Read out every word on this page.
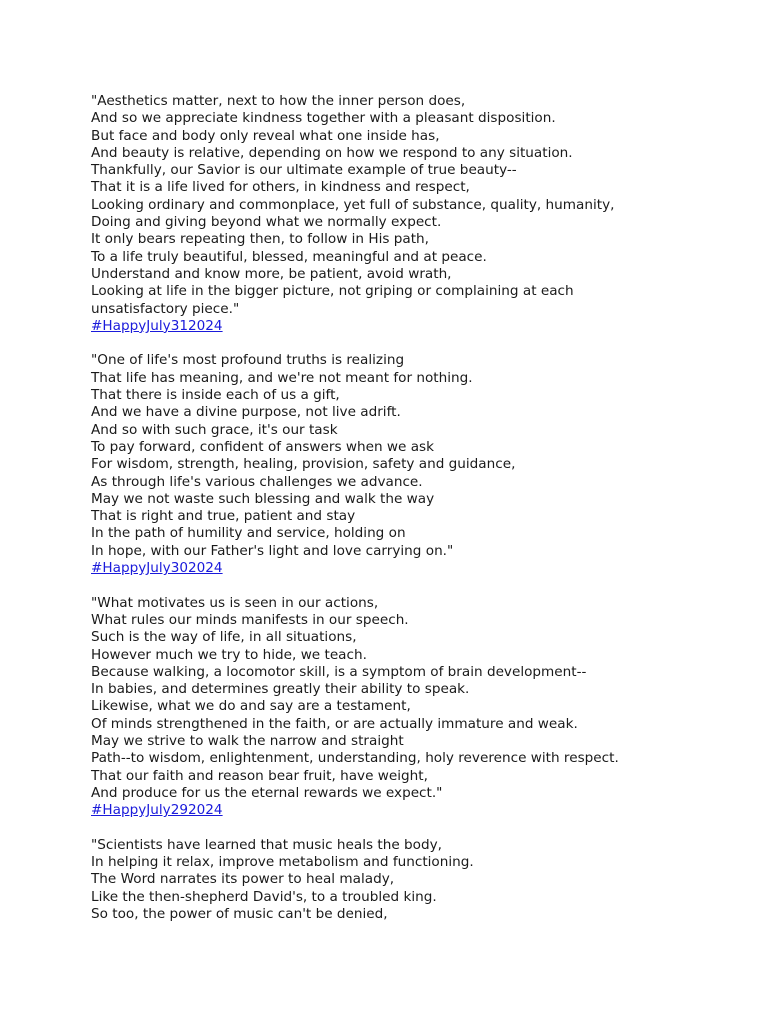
"Aesthetics matter, next to how the inner person does,
And so we appreciate kindness together with a pleasant disposition.
But face and body only reveal what one inside has,
And beauty is relative, depending on how we respond to any situation.
Thankfully, our Savior is our ultimate example of true beauty--
That it is a life lived for others, in kindness and respect,
Looking ordinary and commonplace, yet full of substance, quality, humanity,
Doing and giving beyond what we normally expect.
It only bears repeating then, to follow in His path,
To a life truly beautiful, blessed, meaningful and at peace.
Understand and know more, be patient, avoid wrath,
Looking at life in the bigger picture, not griping or complaining at each
unsatisfactory piece."
#HappyJuly312024
"One of life's most profound truths is realizing
That life has meaning, and we're not meant for nothing.
That there is inside each of us a gift,
And we have a divine purpose, not live adrift.
And so with such grace, it's our task
To pay forward, confident of answers when we ask
For wisdom, strength, healing, provision, safety and guidance,
As through life's various challenges we advance.
May we not waste such blessing and walk the way
That is right and true, patient and stay
In the path of humility and service, holding on
In hope, with our Father's light and love carrying on."
#HappyJuly302024
"What motivates us is seen in our actions,
What rules our minds manifests in our speech.
Such is the way of life, in all situations,
However much we try to hide, we teach.
Because walking, a locomotor skill, is a symptom of brain development--
In babies, and determines greatly their ability to speak.
Likewise, what we do and say are a testament,
Of minds strengthened in the faith, or are actually immature and weak.
May we strive to walk the narrow and straight
Path--to wisdom, enlightenment, understanding, holy reverence with respect.
That our faith and reason bear fruit, have weight,
And produce for us the eternal rewards we expect."
#HappyJuly292024
"Scientists have learned that music heals the body,
In helping it relax, improve metabolism and functioning.
The Word narrates its power to heal malady,
Like the then-shepherd David's, to a troubled king.
So too, the power of music can't be denied,
